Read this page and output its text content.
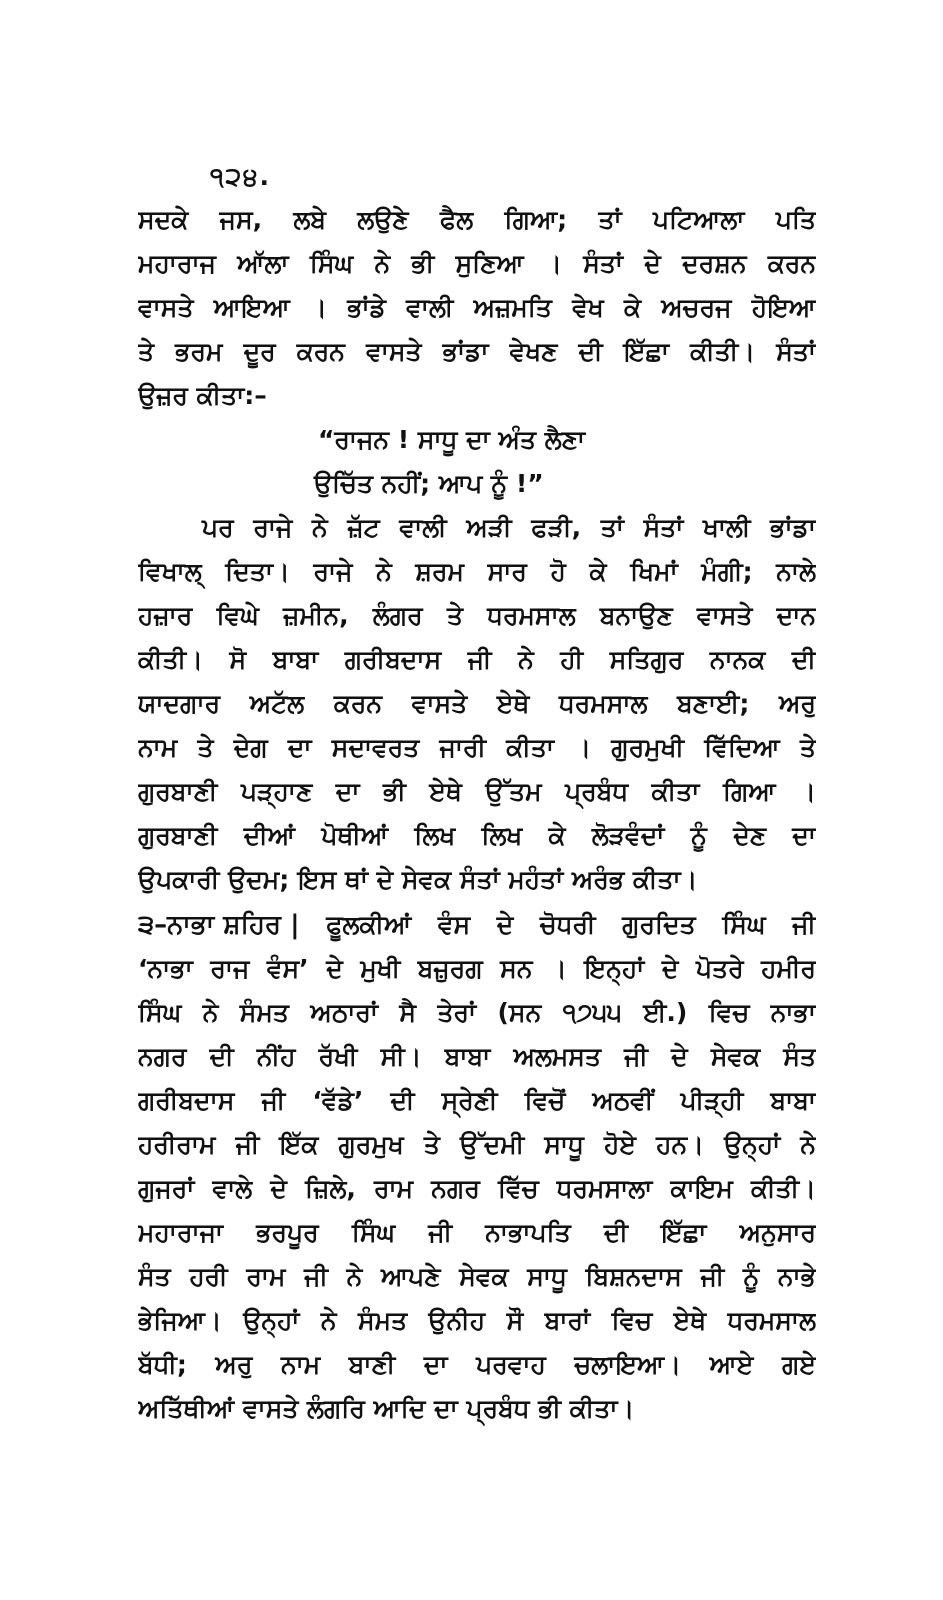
੧੨੪.
ਸਦਕੇ ਜਸ, ਲਬੇ ਲਉਣੇ ਫੈਲ ਗਿਆ; ਤਾਂ ਪਟਿਆਲਾ ਪਤਿ
ਮਹਾਰਾਜ ਆੱਲਾ ਸਿੰਘ ਨੇ ਭੀ ਸੁਣਿਆ । ਸੰਤਾਂ ਦੇ ਦਰਸ਼ਨ ਕਰਨ
ਵਾਸਤੇ ਆਇਆ । ਭਾਂਡੇ ਵਾਲੀ ਅਜ਼ਮਤਿ ਵੇਖ ਕੇ ਅਚਰਜ ਹੋਇਆ
ਤੇ ਭਰਮ ਦੂਰ ਕਰਨ ਵਾਸਤੇ ਭਾਂਡਾ ਵੇਖਣ ਦੀ ਇੱਛਾ ਕੀਤੀ। ਸੰਤਾਂ
ਉਜ਼ਰ ਕੀਤਾ:–
“ਰਾਜਨ ! ਸਾਧੂ ਦਾ ਅੰਤ ਲੈਣਾ
ਉਚਿੱਤ ਨਹੀਂ; ਆਪ ਨੂੰ !”
ਪਰ ਰਾਜੇ ਨੇ ਜ਼ੱਟ ਵਾਲੀ ਅੜੀ ਫੜੀ, ਤਾਂ ਸੰਤਾਂ ਖਾਲੀ ਭਾਂਡਾ
ਵਿਖਾਲ੍ ਦਿਤਾ। ਰਾਜੇ ਨੇ ਸ਼ਰਮ ਸਾਰ ਹੋ ਕੇ ਖਿਮਾਂ ਮੰਗੀ; ਨਾਲੇ
ਹਜ਼ਾਰ ਵਿਘੇ ਜ਼ਮੀਨ, ਲੰਗਰ ਤੇ ਧਰਮਸਾਲ ਬਨਾਉਣ ਵਾਸਤੇ ਦਾਨ
ਕੀਤੀ। ਸੋ ਬਾਬਾ ਗਰੀਬਦਾਸ ਜੀ ਨੇ ਹੀ ਸਤਿਗੁਰ ਨਾਨਕ ਦੀ
ਯਾਦਗਾਰ ਅਟੱਲ ਕਰਨ ਵਾਸਤੇ ਏਥੇ ਧਰਮਸਾਲ ਬਣਾਈ; ਅਰੁ
ਨਾਮ ਤੇ ਦੇਗ ਦਾ ਸਦਾਵਰਤ ਜਾਰੀ ਕੀਤਾ । ਗੁਰਮੁਖੀ ਵਿੱਦਿਆ ਤੇ
ਗੁਰਬਾਣੀ ਪੜ੍ਹਾਣ ਦਾ ਭੀ ਏਥੇ ਉੱਤਮ ਪ੍ਰਬੰਧ ਕੀਤਾ ਗਿਆ ।
ਗੁਰਬਾਣੀ ਦੀਆਂ ਪੋਥੀਆਂ ਲਿਖ ਲਿਖ ਕੇ ਲੋੜਵੰਦਾਂ ਨੂੰ ਦੇਣ ਦਾ
ਉਪਕਾਰੀ ਉਦਮ; ਇਸ ਥਾਂ ਦੇ ਸੇਵਕ ਸੰਤਾਂ ਮਹੰਤਾਂ ਅਰੰਭ ਕੀਤਾ।
੩–ਨਾਭਾ ਸ਼ਹਿਰ | ਫੂਲਕੀਆਂ ਵੰਸ ਦੇ ਚੋਧਰੀ ਗੁਰਦਿਤ ਸਿੰਘ ਜੀ
‘ਨਾਭਾ ਰਾਜ ਵੰਸ’ ਦੇ ਮੁਖੀ ਬਜ਼ੁਰਗ ਸਨ । ਇਨ੍ਹਾਂ ਦੇ ਪੋਤਰੇ ਹਮੀਰ
ਸਿੰਘ ਨੇ ਸੰਮਤ ਅਠਾਰਾਂ ਸੈ ਤੇਰਾਂ (ਸਨ ੧੭੫੫ ਈ.) ਵਿਚ ਨਾਭਾ
ਨਗਰ ਦੀ ਨੀਂਹ ਰੱਖੀ ਸੀ। ਬਾਬਾ ਅਲਮਸਤ ਜੀ ਦੇ ਸੇਵਕ ਸੰਤ
ਗਰੀਬਦਾਸ ਜੀ ‘ਵੱਡੇ’ ਦੀ ਸ੍ਰੇਣੀ ਵਿਚੋਂ ਅਠਵੀਂ ਪੀੜ੍ਹੀ ਬਾਬਾ
ਹਰੀਰਾਮ ਜੀ ਇੱਕ ਗੁਰਮੁਖ ਤੇ ਉੱਦਮੀ ਸਾਧੂ ਹੋਏ ਹਨ। ਉਨ੍ਹਾਂ ਨੇ
ਗੁਜਰਾਂ ਵਾਲੇ ਦੇ ਜ਼ਿਲੇ, ਰਾਮ ਨਗਰ ਵਿੱਚ ਧਰਮਸਾਲਾ ਕਾਇਮ ਕੀਤੀ।
ਮਹਾਰਾਜਾ ਭਰਪੂਰ ਸਿੰਘ ਜੀ ਨਾਭਾਪਤਿ ਦੀ ਇੱਛਾ ਅਨੁਸਾਰ
ਸੰਤ ਹਰੀ ਰਾਮ ਜੀ ਨੇ ਆਪਣੇ ਸੇਵਕ ਸਾਧੂ ਬਿਸ਼ਨਦਾਸ ਜੀ ਨੂੰ ਨਾਭੇ
ਭੇਜਿਆ। ਉਨ੍ਹਾਂ ਨੇ ਸੰਮਤ ਉਨੀਹ ਸੌ ਬਾਰਾਂ ਵਿਚ ਏਥੇ ਧਰਮਸਾਲ
ਬੱਧੀ; ਅਰੁ ਨਾਮ ਬਾਣੀ ਦਾ ਪਰਵਾਹ ਚਲਾਇਆ। ਆਏ ਗਏ
ਅਤਿੱਥੀਆਂ ਵਾਸਤੇ ਲੰਗਰਿ ਆਦਿ ਦਾ ਪ੍ਰਬੰਧ ਭੀ ਕੀਤਾ।
